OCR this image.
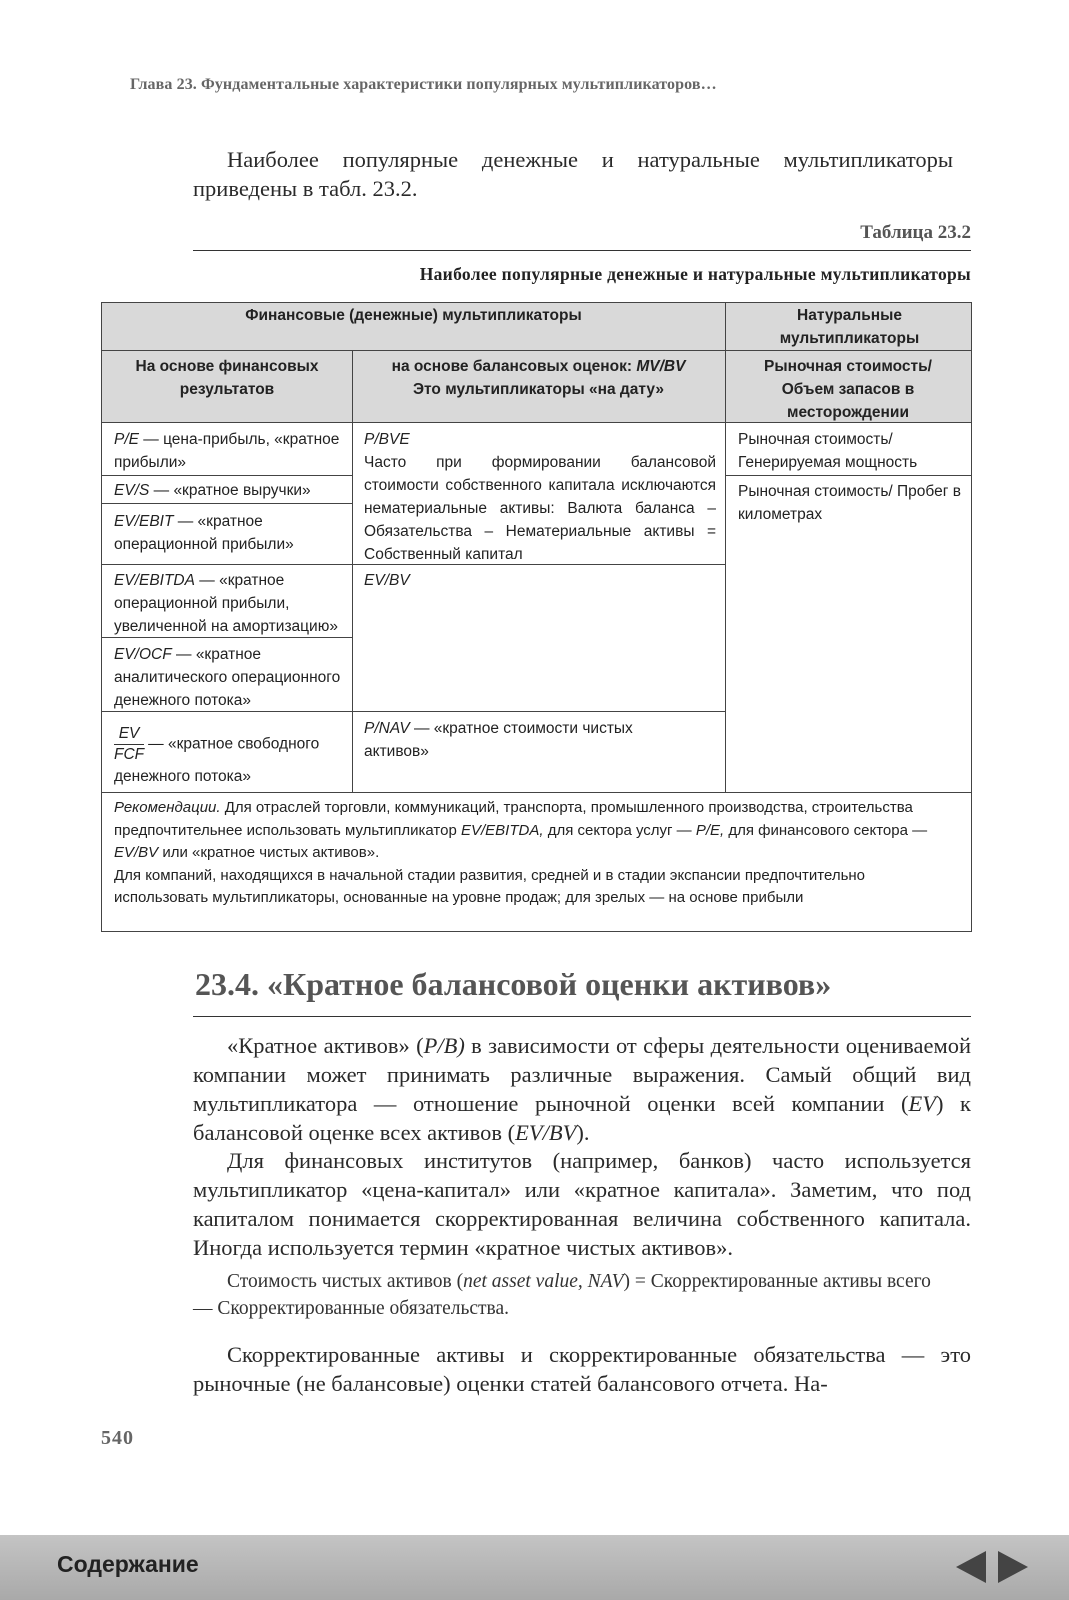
Глава 23. Фундаментальные характеристики популярных мультипликаторов…
Наиболее популярные денежные и натуральные мультипликаторы приведены в табл. 23.2.
Таблица 23.2
Наиболее популярные денежные и натуральные мультипликаторы
Финансовые (денежные) мультипликаторы	Натуральные мультипликаторы
На основе финансовых результатов
на основе балансовых оценок: MV/BV
Это мультипликаторы «на дату»
Рыночная стоимость/ Объем запасов в месторождении
P/E — цена-прибыль, «кратное прибыли»
EV/S — «кратное выручки»
EV/EBIT — «кратное операционной прибыли»
EV/EBITDA — «кратное операционной прибыли, увеличенной на амортизацию»
EV/OCF — «кратное аналитического операционного денежного потока»
$\frac{EV}{\text{FCF}}$ — «кратное свободного денежного потока»
P/BVE
Часто при формировании балансовой стоимости собственного капитала исключаются нематериальные активы: Валюта баланса – Обязательства – Нематериальные активы = Собственный капитал
EV/BV
P/NAV — «кратное стоимости чистых активов»
Рыночная стоимость/ Генерируемая мощность
Рыночная стоимость/ Пробег в километрах
Рекомендации. Для отраслей торговли, коммуникаций, транспорта, промышленного производства, строительства предпочтительнее использовать мультипликатор EV/EBITDA, для сектора услуг — P/E, для финансового сектора — EV/BV или «кратное чистых активов».
Для компаний, находящихся в начальной стадии развития, средней и в стадии экспансии предпочтительно использовать мультипликаторы, основанные на уровне продаж; для зрелых — на основе прибыли
23.4. «Кратное балансовой оценки активов»
«Кратное активов» (P/B) в зависимости от сферы деятельности оцениваемой компании может принимать различные выражения. Самый общий вид мультипликатора — отношение рыночной оценки всей компании (EV) к балансовой оценке всех активов (EV/BV).
Для финансовых институтов (например, банков) часто используется мультипликатор «цена-капитал» или «кратное капитала». Заметим, что под капиталом понимается скорректированная величина собственного капитала. Иногда используется термин «кратное чистых активов».
Стоимость чистых активов (net asset value, NAV) = Скорректированные активы всего — Скорректированные обязательства.
Скорректированные активы и скорректированные обязательства — это рыночные (не балансовые) оценки статей балансового отчета. На-
540
Содержание
